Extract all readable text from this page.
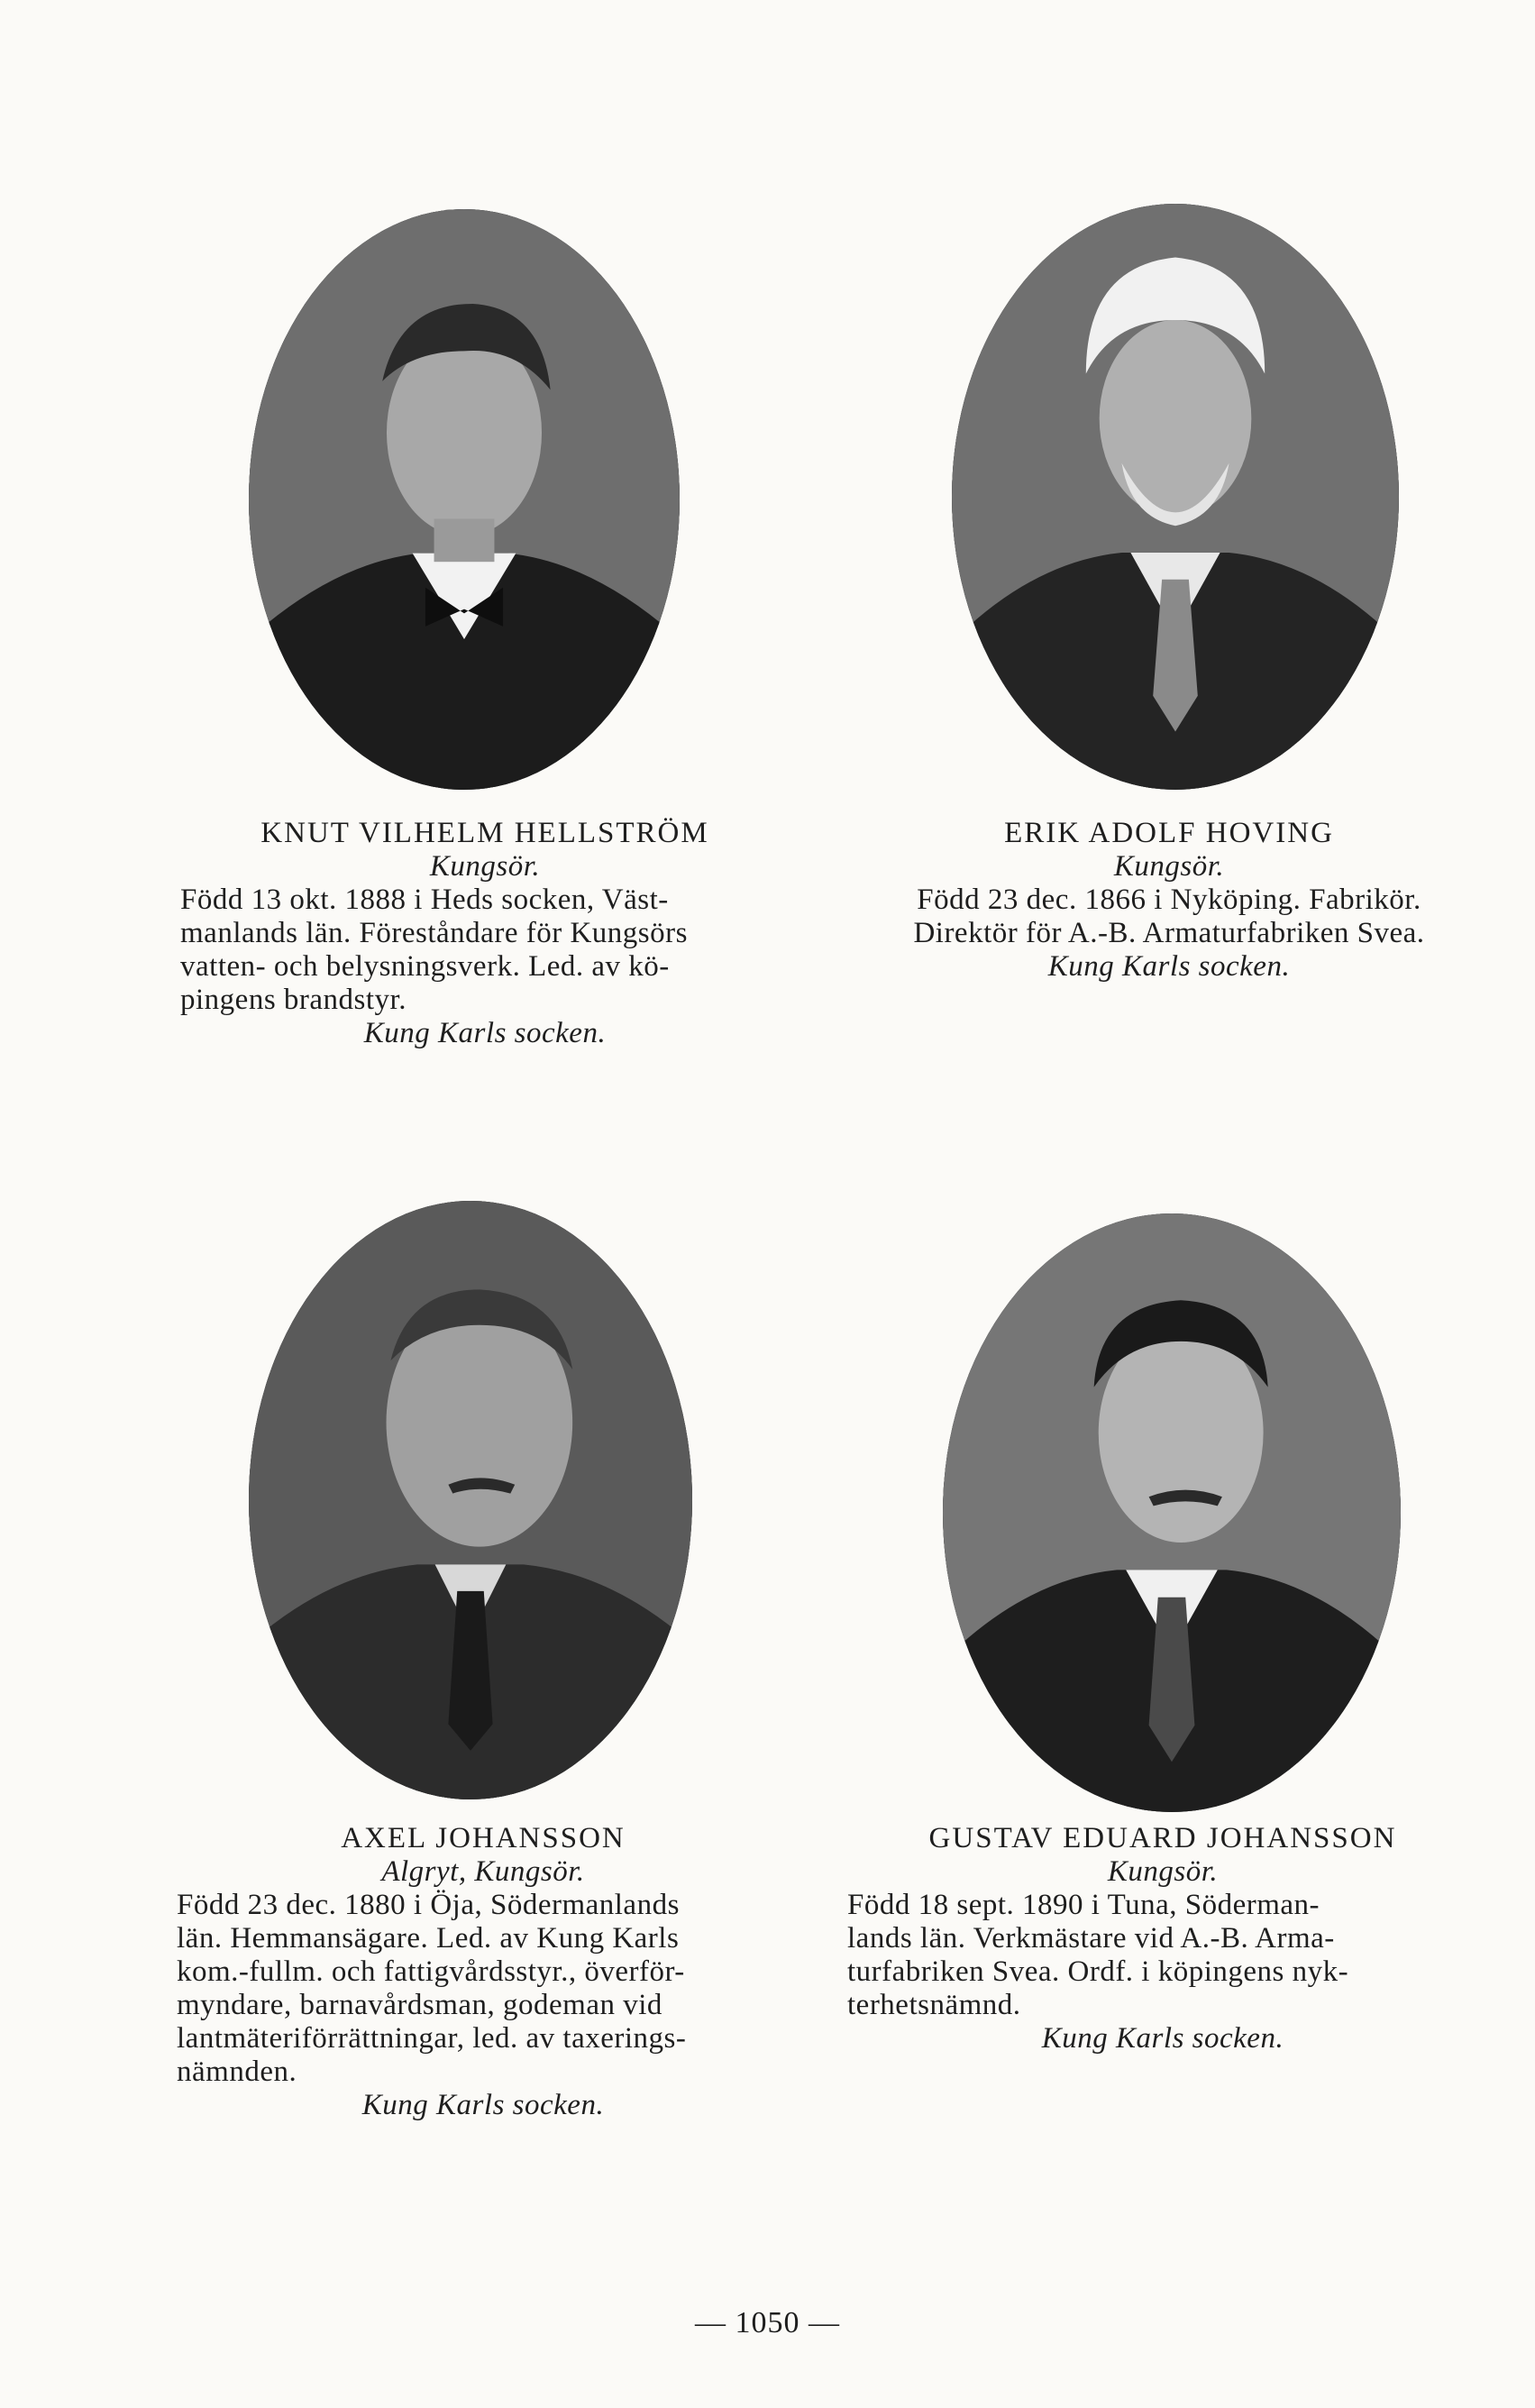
KNUT VILHELM HELLSTRÖM
Kungsör.
Född 13 okt. 1888 i Heds socken, Väst-
manlands län. Föreståndare för Kungsörs
vatten- och belysningsverk. Led. av kö-
pingens brandstyr.
Kung Karls socken.
ERIK ADOLF HOVING
Kungsör.
Född 23 dec. 1866 i Nyköping. Fabrikör.
Direktör för A.-B. Armaturfabriken Svea.
Kung Karls socken.
AXEL JOHANSSON
Algryt, Kungsör.
Född 23 dec. 1880 i Öja, Södermanlands
län. Hemmansägare. Led. av Kung Karls
kom.-fullm. och fattigvårdsstyr., överför-
myndare, barnavårdsman, godeman vid
lantmäteriförrättningar, led. av taxerings-
nämnden.
Kung Karls socken.
GUSTAV EDUARD JOHANSSON
Kungsör.
Född 18 sept. 1890 i Tuna, Söderman-
lands län. Verkmästare vid A.-B. Arma-
turfabriken Svea. Ordf. i köpingens nyk-
terhetsnämnd.
Kung Karls socken.
— 1050 —
